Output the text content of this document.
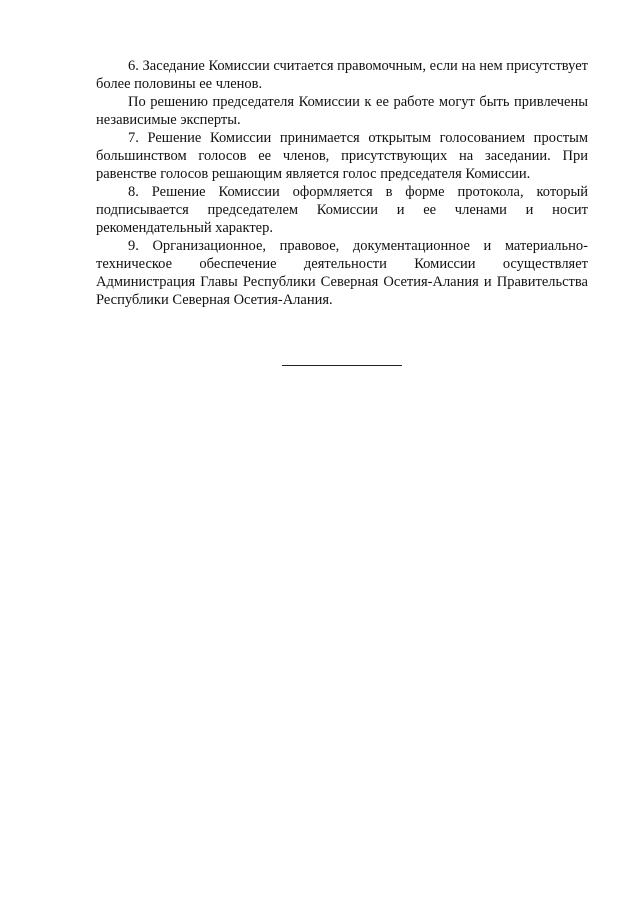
6. Заседание Комиссии считается правомочным, если на нем присутствует более половины ее членов.

По решению председателя Комиссии к ее работе могут быть привлечены независимые эксперты.

7. Решение Комиссии принимается открытым голосованием простым большинством голосов ее членов, присутствующих на заседании. При равенстве голосов решающим является голос председателя Комиссии.

8. Решение Комиссии оформляется в форме протокола, который подписывается председателем Комиссии и ее членами и носит рекомендательный характер.

9. Организационное, правовое, документационное и материально-техническое обеспечение деятельности Комиссии осуществляет Администрация Главы Республики Северная Осетия-Алания и Правительства Республики Северная Осетия-Алания.
